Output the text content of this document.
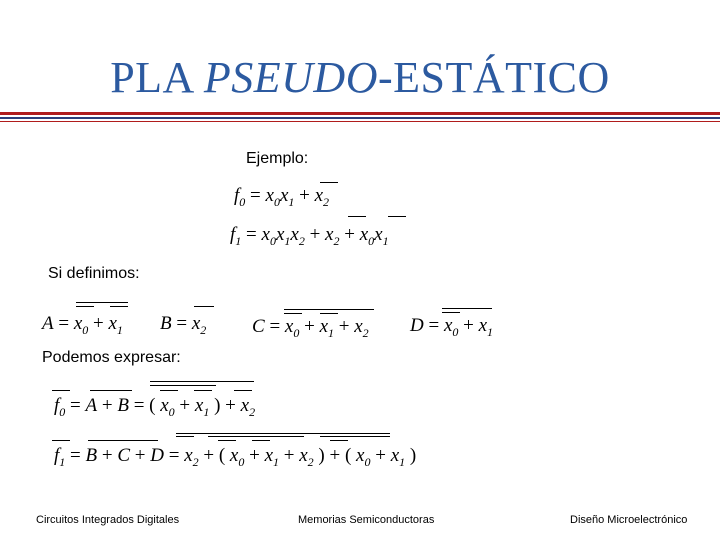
PLA PSEUDO-ESTÁTICO
Ejemplo:
$f_0 = x_0x_1 + x_2$
$f_1 = x_0x_1x_2 + x_2 + x_0x_1$
Si definimos:
$A = x_0 + x_1$ $B = x_2$ $C = x_0 + x_1 + x_2$ $D = x_0 + x_1$
Podemos expresar:
$f_0 = A + B$ = ( $x_0 + x_1$ ) + $x_2$
$f_1 = B + C + D = x_2$ + ( $x_0 + x_1 + x_2$ ) + ( $x_0 + x_1$ )
Circuitos Integrados Digitales	Memorias Semiconductoras	Diseño Microelectrónico
